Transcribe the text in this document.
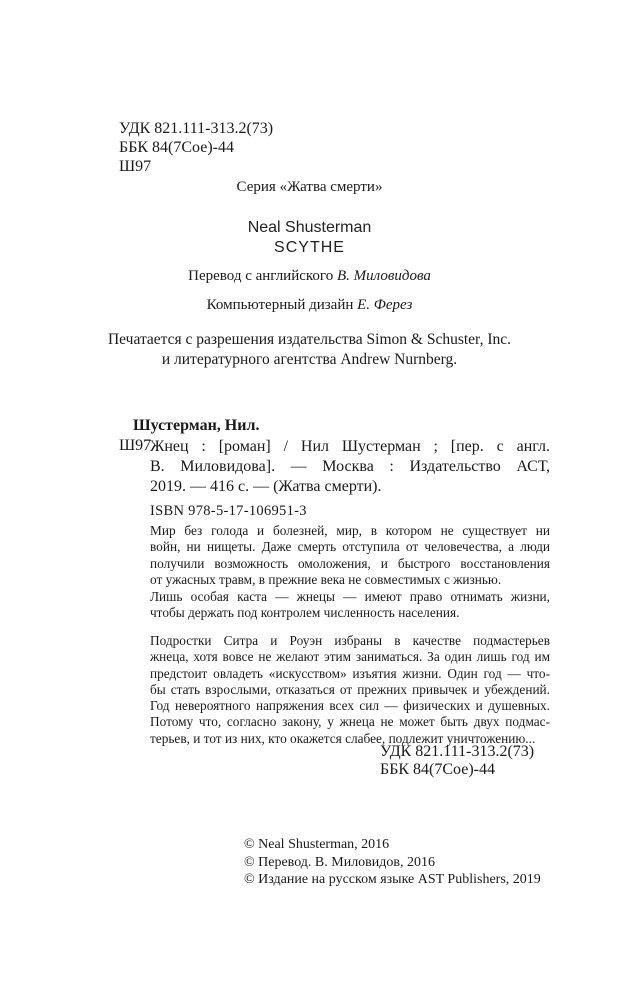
УДК 821.111-313.2(73)
ББК 84(7Сое)-44
Ш97
Серия «Жатва смерти»
Neal Shusterman
SCYTHE
Перевод с английского В. Миловидова
Компьютерный дизайн Е. Ферез
Печатается с разрешения издательства Simon & Schuster, Inc.
и литературного агентства Andrew Nurnberg.
Шустерман, Нил.
Ш97
Жнец : [роман] / Нил Шустерман ; [пер. с англ.
В. Миловидова]. — Москва : Издательство АСТ,
2019. — 416 с. — (Жатва смерти).
ISBN 978-5-17-106951-3
Мир без голода и болезней, мир, в котором не существует ни
войн, ни нищеты. Даже смерть отступила от человечества, а люди
получили возможность омоложения, и быстрого восстановления
от ужасных травм, в прежние века не совместимых с жизнью.
Лишь особая каста — жнецы — имеют право отнимать жизни,
чтобы держать под контролем численность населения.
Подростки Ситра и Роуэн избраны в качестве подмастерьев
жнеца, хотя вовсе не желают этим заниматься. За один лишь год им
предстоит овладеть «искусством» изъятия жизни. Один год — что-
бы стать взрослыми, отказаться от прежних привычек и убеждений.
Год невероятного напряжения всех сил — физических и душевных.
Потому что, согласно закону, у жнеца не может быть двух подмас-
терьев, и тот из них, кто окажется слабее, подлежит уничтожению...
УДК 821.111-313.2(73)
ББК 84(7Сое)-44
© Neal Shusterman, 2016
© Перевод. В. Миловидов, 2016
© Издание на русском языке AST Publishers, 2019
